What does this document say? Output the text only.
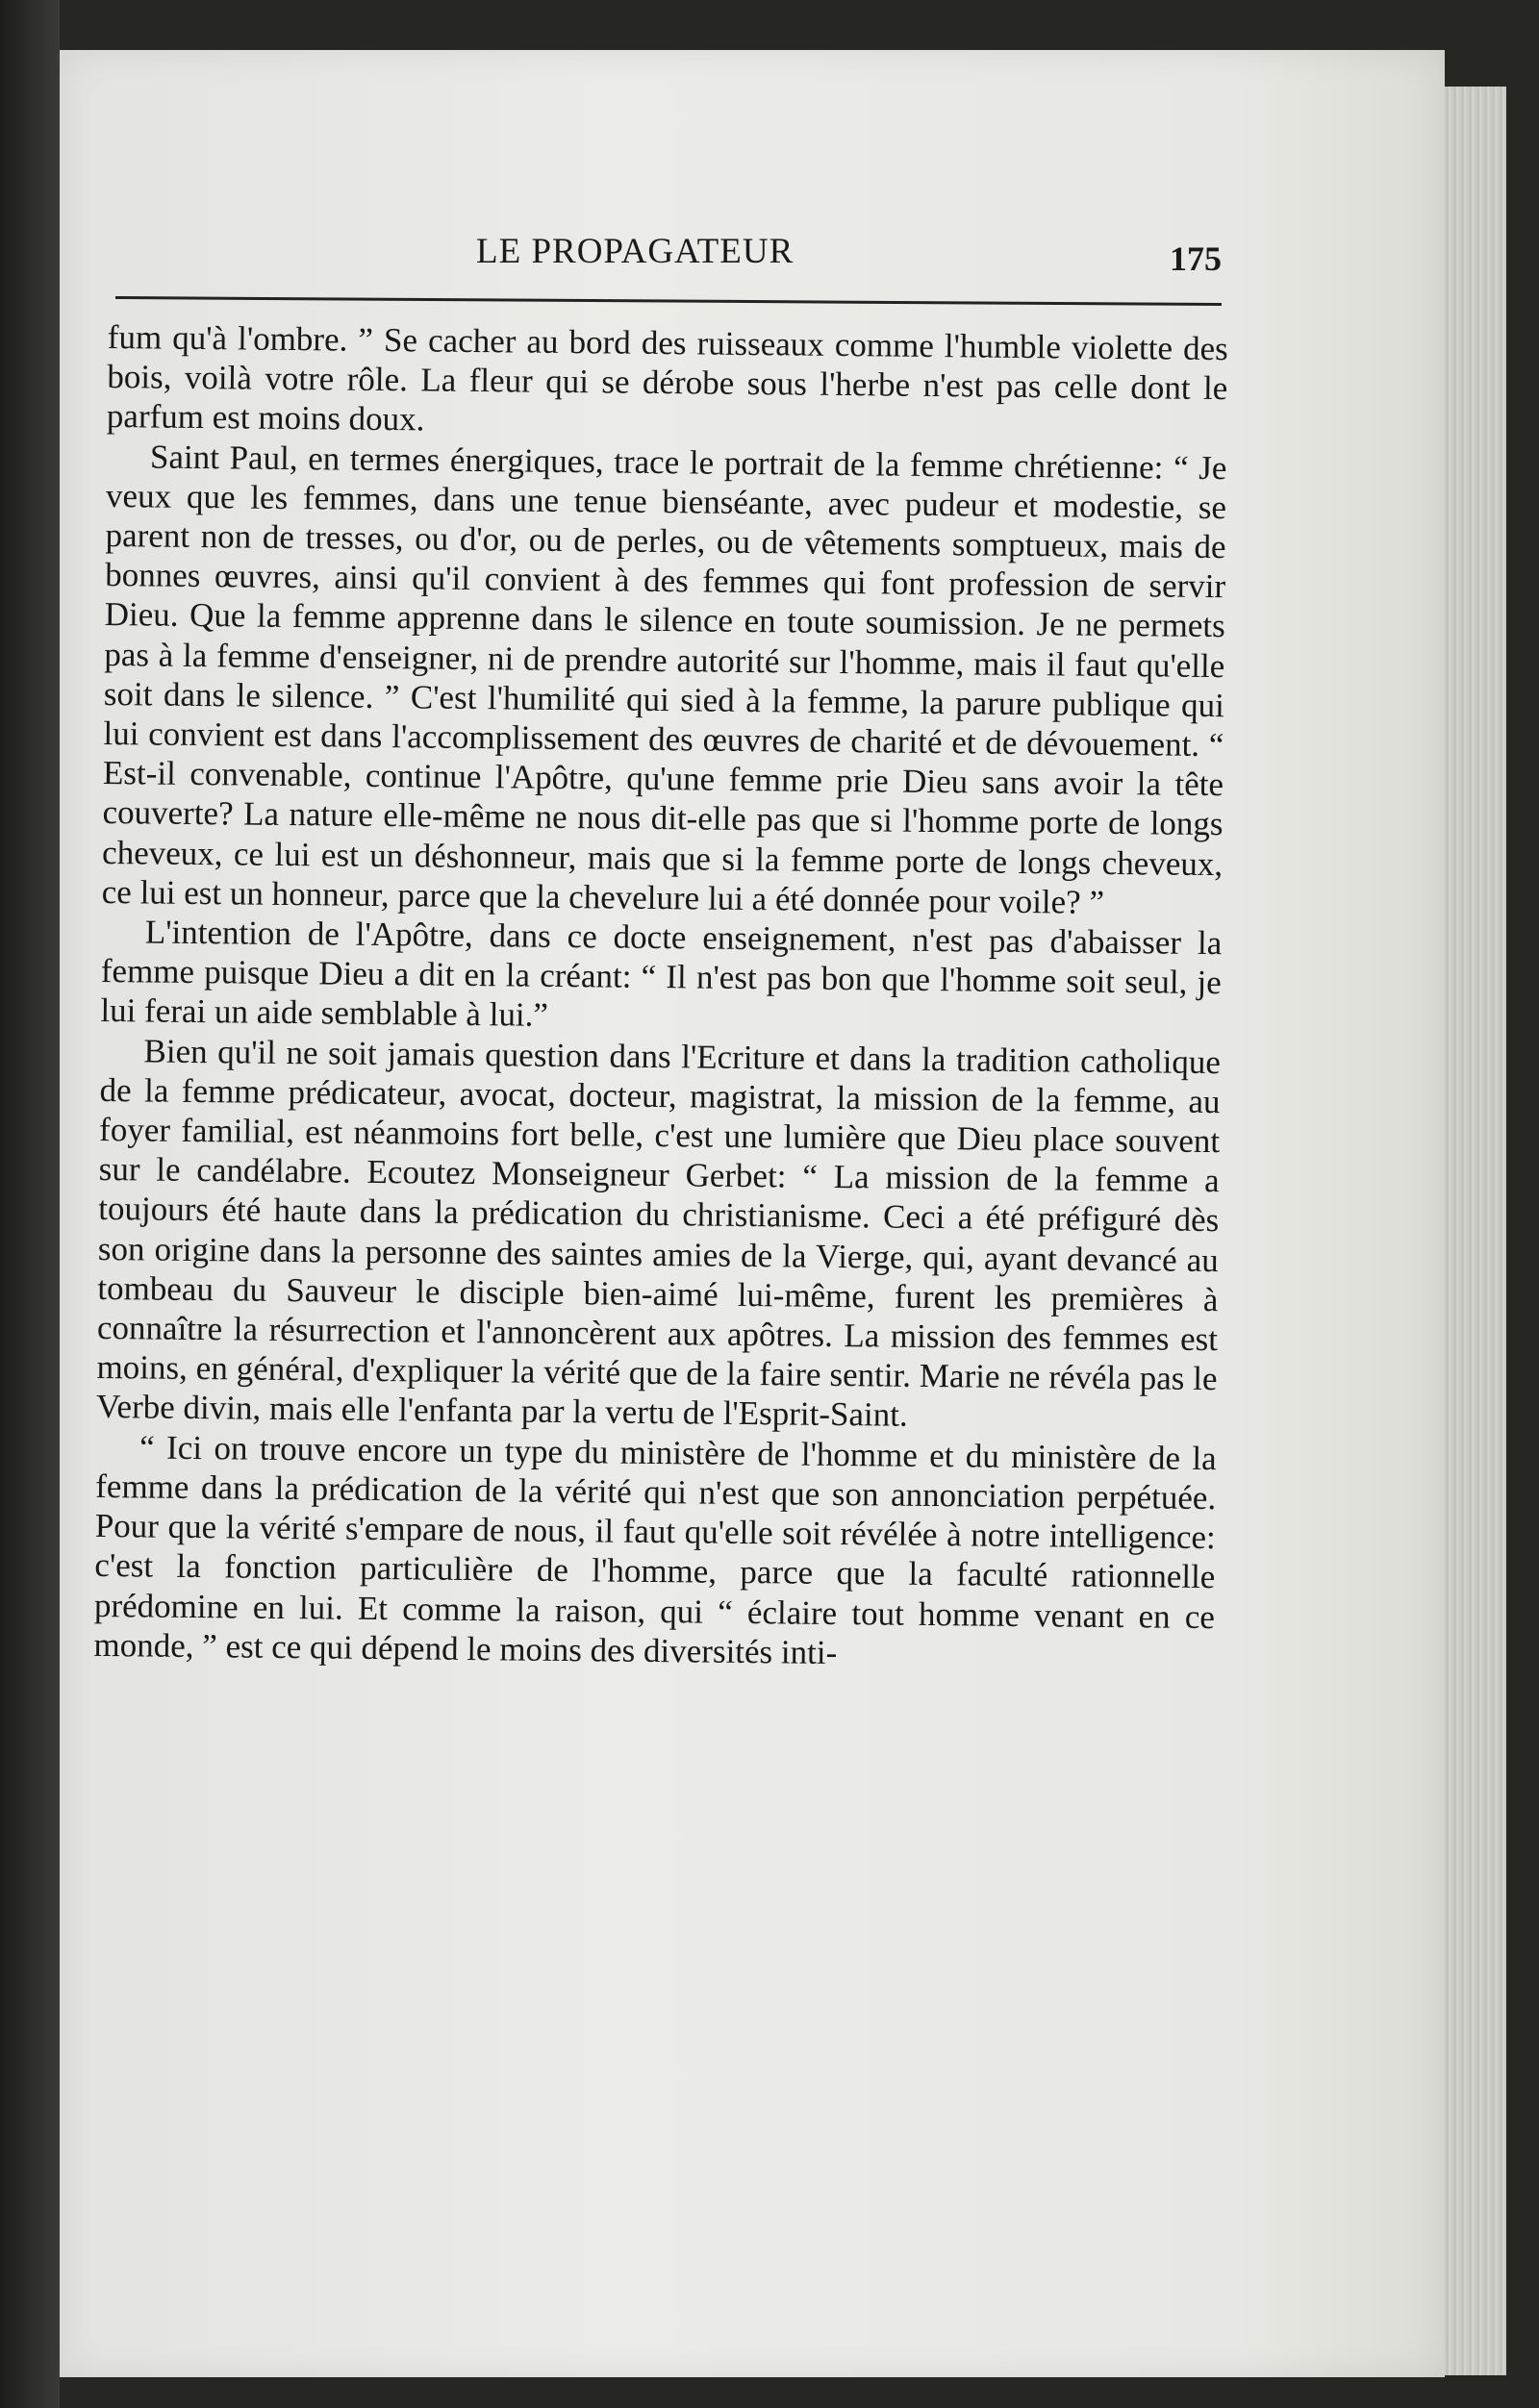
LE PROPAGATEUR	175

fum qu'à l'ombre. ” Se cacher au bord des ruisseaux comme l'humble violette des bois, voilà votre rôle. La fleur qui se dérobe sous l'herbe n'est pas celle dont le parfum est moins doux.

Saint Paul, en termes énergiques, trace le portrait de la femme chrétienne: “ Je veux que les femmes, dans une tenue bienséante, avec pudeur et modestie, se parent non de tresses, ou d'or, ou de perles, ou de vêtements somptueux, mais de bonnes œuvres, ainsi qu'il convient à des femmes qui font profession de servir Dieu. Que la femme apprenne dans le silence en toute soumission. Je ne permets pas à la femme d'enseigner, ni de prendre autorité sur l'homme, mais il faut qu'elle soit dans le silence. ” C'est l'humilité qui sied à la femme, la parure publique qui lui convient est dans l'accomplissement des œuvres de charité et de dévouement. “ Est-il convenable, continue l'Apôtre, qu'une femme prie Dieu sans avoir la tête couverte? La nature elle-même ne nous dit-elle pas que si l'homme porte de longs cheveux, ce lui est un déshonneur, mais que si la femme porte de longs cheveux, ce lui est un honneur, parce que la chevelure lui a été donnée pour voile? ”

L'intention de l'Apôtre, dans ce docte enseignement, n'est pas d'abaisser la femme puisque Dieu a dit en la créant: “ Il n'est pas bon que l'homme soit seul, je lui ferai un aide semblable à lui.”

Bien qu'il ne soit jamais question dans l'Ecriture et dans la tradition catholique de la femme prédicateur, avocat, docteur, magistrat, la mission de la femme, au foyer familial, est néanmoins fort belle, c'est une lumière que Dieu place souvent sur le candélabre. Ecoutez Monseigneur Gerbet: “ La mission de la femme a toujours été haute dans la prédication du christianisme. Ceci a été préfiguré dès son origine dans la personne des saintes amies de la Vierge, qui, ayant devancé au tombeau du Sauveur le disciple bien-aimé lui-même, furent les premières à connaître la résurrection et l'annoncèrent aux apôtres. La mission des femmes est moins, en général, d'expliquer la vérité que de la faire sentir. Marie ne révéla pas le Verbe divin, mais elle l'enfanta par la vertu de l'Esprit-Saint.

“ Ici on trouve encore un type du ministère de l'homme et du ministère de la femme dans la prédication de la vérité qui n'est que son annonciation perpétuée. Pour que la vérité s'empare de nous, il faut qu'elle soit révélée à notre intelligence: c'est la fonction particulière de l'homme, parce que la faculté rationnelle prédomine en lui. Et comme la raison, qui “ éclaire tout homme venant en ce monde, ” est ce qui dépend le moins des diversités inti-
